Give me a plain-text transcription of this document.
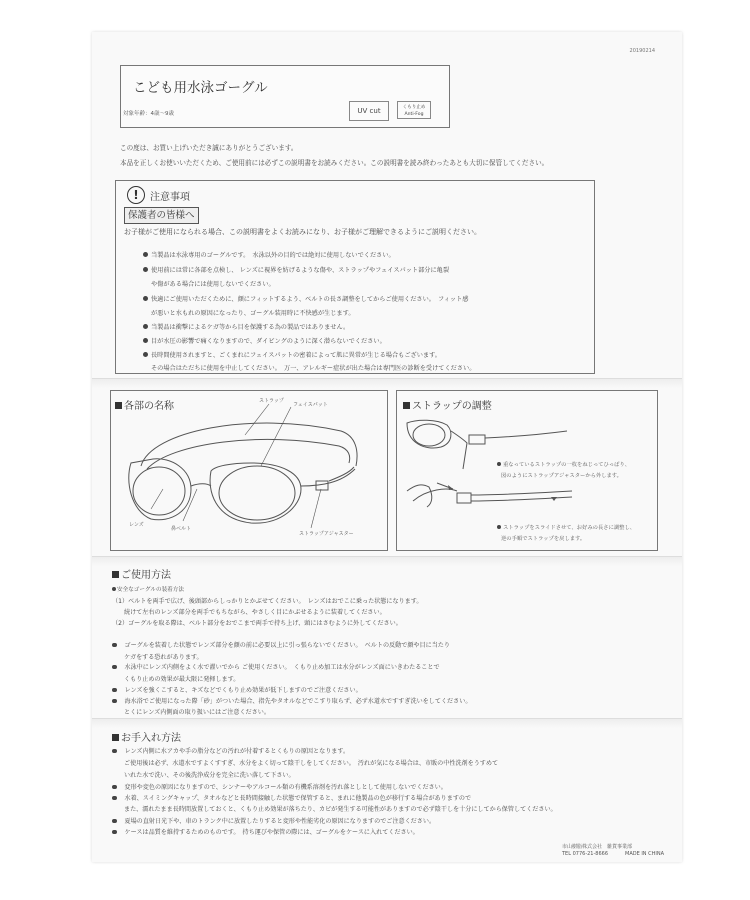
20190214
こども用水泳ゴーグル
対象年齢：4歳～9歳	UV cut	くもり止め
Anti-Fog
この度は、お買い上げいただき誠にありがとうございます。
本品を正しくお使いいただくため、ご使用前には必ずこの説明書をお読みください。この説明書を読み終わったあとも大切に保管してください。
!	注意事項
保護者の皆様へ
お子様がご使用になられる場合、この説明書をよくお読みになり、お子様がご理解できるようにご説明ください。
当製品は水泳専用のゴーグルです。　水泳以外の目的では絶対に使用しないでください。
使用前には常に各部を点検し、 レンズに視界を妨げるような傷や、ストラップやフェイスパット部分に亀裂
や傷がある場合には使用しないでください。
快適にご使用いただくために、顔にフィットするよう、ベルトの長さ調整をしてからご使用ください。　フィット感
が悪いと水もれの原因になったり、ゴーグル装用時に不快感が生じます。
当製品は衝撃によるケガ等から目を保護する為の製品ではありません。
目が水圧の影響で痛くなりますので、ダイビングのように深く潜らないでください。
長時間使用されますと、ごくまれにフェイスパットの密着によって肌に異常が生じる場合もございます。
その場合はただちに使用を中止してください。　万一、アレルギー症状が出た場合は専門医の診断を受けてください。
各部の名称	ストラップ
フェイスパット
レンズ
鼻ベルト
ストラップアジャスター
ストラップの調整
重なっているストラップの一枚をねじってひっぱり、
図のようにストラップアジャスターから外します。
ストラップをスライドさせて、お好みの長さに調整し、
逆の手順でストラップを戻します。
ご使用方法
安全なゴーグルの装着方法
（1）ベルトを両手で広げ、後頭部からしっかりとかぶせてください。　レンズはおでこに乗った状態になります。
続けて左右のレンズ部分を両手でもちながら、やさしく目にかぶせるように装着してください。
（2）ゴーグルを取る際は、ベルト部分をおでこまで両手で持ち上げ、頭にはさむように外してください。
ゴーグルを装着した状態でレンズ部分を顔の前に必要以上に引っ張らないでください。　ベルトの反動で顔や目に当たり
ケガをする恐れがあります。
水泳中にレンズ内側をよく水で濯いでから ご使用ください。　くもり止め加工は水分がレンズ面にいきわたることで
くもり止めの効果が最大限に発揮します。
レンズを強くこすると、キズなどでくもり止め効果が低下しますのでご注意ください。
海水浴でご使用になった際「砂」がついた場合、指先やタオルなどでこすり取らず、必ず水道水ですすぎ洗いをしてください。
とくにレンズ内側面の取り扱いにはご注意ください。
お手入れ方法
レンズ内側に水アカや手の脂分などの汚れが付着するとくもりの原因となります。
ご使用後は必ず、水道水ですよくすすぎ、水分をよく切って陰干しをしてください。　汚れが気になる場合は、市販の中性洗剤をうすめて
いれた水で洗い、その後洗浄成分を完全に洗い落して下さい。
変形や変色の原因になりますので、シンナーやアルコール類の有機系溶剤を汚れ落としとして使用しないでください。
水着、スイミングキャップ、タオルなどと長時間接触した状態で保管すると、まれに他製品の色が移行する場合がありますので
また、濡れたまま長時間放置しておくと、くもり止め効果が落ちたり、カビが発生する可能性がありますので必ず陰干しを十分にしてから保管してください。
夏場の直射日光下や、車のトランク中に放置したりすると変形や性能劣化の原因になりますのでご注意ください。
ケースは品質を維持するためのものです。　持ち運びや保管の際には、ゴーグルをケースに入れてください。
市山樹脂株式会社　雑貨事業部
TEL 0776-21-8666	MADE IN CHINA
